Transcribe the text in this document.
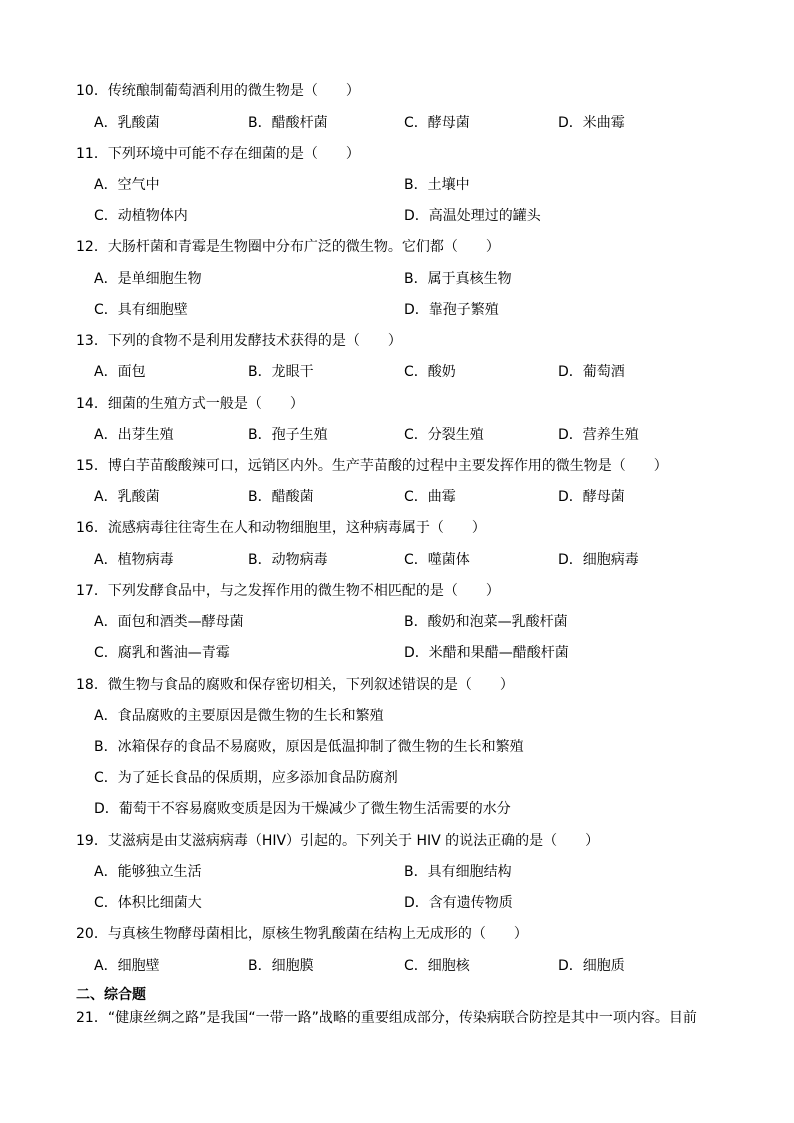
10．传统酿制葡萄酒利用的微生物是（　　）
A．乳酸菌	B．醋酸杆菌	C．酵母菌	D．米曲霉
11．下列环境中可能不存在细菌的是（　　）
A．空气中	B．土壤中
C．动植物体内	D．高温处理过的罐头
12．大肠杆菌和青霉是生物圈中分布广泛的微生物。它们都（　　）
A．是单细胞生物	B．属于真核生物
C．具有细胞壁	D．靠孢子繁殖
13．下列的食物不是利用发酵技术获得的是（　　）
A．面包	B．龙眼干	C．酸奶	D．葡萄酒
14．细菌的生殖方式一般是（　　）
A．出芽生殖	B．孢子生殖	C．分裂生殖	D．营养生殖
15．博白芋苗酸酸辣可口，远销区内外。生产芋苗酸的过程中主要发挥作用的微生物是（　　）
A．乳酸菌	B．醋酸菌	C．曲霉	D．酵母菌
16．流感病毒往往寄生在人和动物细胞里，这种病毒属于（　　）
A．植物病毒	B．动物病毒	C．噬菌体	D．细胞病毒
17．下列发酵食品中，与之发挥作用的微生物不相匹配的是（　　）
A．面包和酒类—酵母菌	B．酸奶和泡菜—乳酸杆菌
C．腐乳和酱油—青霉	D．米醋和果醋—醋酸杆菌
18．微生物与食品的腐败和保存密切相关，下列叙述错误的是（　　）
A．食品腐败的主要原因是微生物的生长和繁殖
B．冰箱保存的食品不易腐败，原因是低温抑制了微生物的生长和繁殖
C．为了延长食品的保质期，应多添加食品防腐剂
D．葡萄干不容易腐败变质是因为干燥减少了微生物生活需要的水分
19．艾滋病是由艾滋病病毒（HIV）引起的。下列关于 HIV 的说法正确的是（　　）
A．能够独立生活	B．具有细胞结构
C．体积比细菌大	D．含有遗传物质
20．与真核生物酵母菌相比，原核生物乳酸菌在结构上无成形的（　　）
A．细胞壁	B．细胞膜	C．细胞核	D．细胞质
二、综合题
21．“健康丝绸之路”是我国“一带一路”战略的重要组成部分，传染病联合防控是其中一项内容。目前
